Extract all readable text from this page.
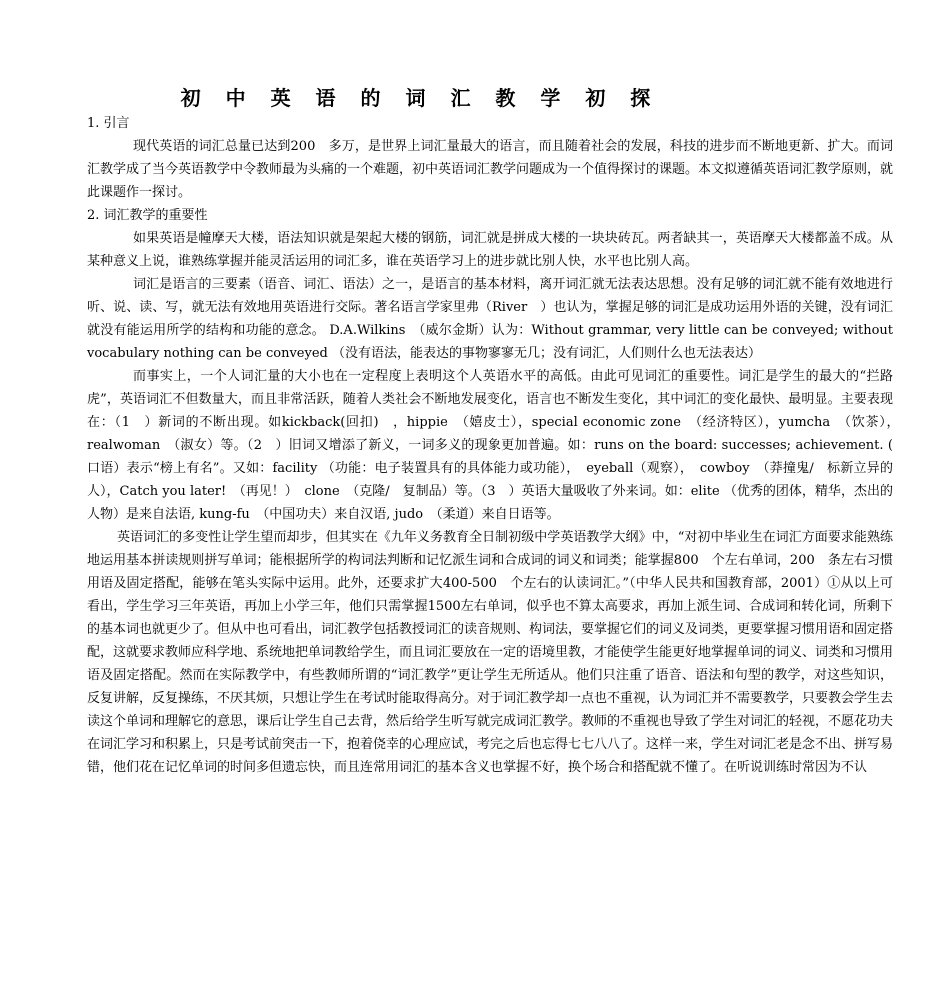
初 中 英 语 的 词 汇 教 学 初 探

1. 引言

现代英语的词汇总量已达到200　多万，是世界上词汇量最大的语言，而且随着社会的发展，科技的进步而不断地更新、扩大。而词汇教学成了当今英语教学中令教师最为头痛的一个难题，初中英语词汇教学问题成为一个值得探讨的课题。本文拟遵循英语词汇教学原则，就此课题作一探讨。

2. 词汇教学的重要性

如果英语是幢摩天大楼，语法知识就是架起大楼的钢筋，词汇就是拼成大楼的一块块砖瓦。两者缺其一，英语摩天大楼都盖不成。从某种意义上说，谁熟练掌握并能灵活运用的词汇多，谁在英语学习上的进步就比别人快，水平也比别人高。

词汇是语言的三要素（语音、词汇、语法）之一，是语言的基本材料，离开词汇就无法表达思想。没有足够的词汇就不能有效地进行听、说、读、写，就无法有效地用英语进行交际。著名语言学家里弗（River　）也认为，掌握足够的词汇是成功运用外语的关键，没有词汇就没有能运用所学的结构和功能的意念。 D.A.Wilkins　（威尔金斯）认为：Without grammar, very little can be conveyed; without vocabulary nothing can be conveyed （没有语法，能表达的事物寥寥无几；没有词汇，人们则什么也无法表达）

而事实上，一个人词汇量的大小也在一定程度上表明这个人英语水平的高低。由此可见词汇的重要性。词汇是学生的最大的“拦路虎”，英语词汇不但数量大，而且非常活跃，随着人类社会不断地发展变化，语言也不断发生变化，其中词汇的变化最快、最明显。主要表现在：（1　）新词的不断出现。如kickback(回扣)　，hippie　（嬉皮士），special economic zone　（经济特区），yumcha　（饮茶），　realwoman　（淑女）等。（2　）旧词又增添了新义，一词多义的现象更加普遍。如：runs on the board: successes; achievement. ( 口语）表示“榜上有名”。又如：facility （功能：电子装置具有的具体能力或功能），　eyeball（观察），　cowboy　（莽撞鬼/　标新立异的人），Catch you later!　（再见！）　clone　（克隆/　复制品）等。（3　）英语大量吸收了外来词。如：elite （优秀的团体，精华，杰出的人物）是来自法语, kung-fu　（中国功夫）来自汉语, judo　（柔道）来自日语等。

英语词汇的多变性让学生望而却步，但其实在《九年义务教育全日制初级中学英语教学大纲》中，“对初中毕业生在词汇方面要求能熟练地运用基本拼读规则拼写单词；能根据所学的构词法判断和记忆派生词和合成词的词义和词类；能掌握800　个左右单词，200　条左右习惯用语及固定搭配，能够在笔头实际中运用。此外，还要求扩大400-500　个左右的认读词汇。”（中华人民共和国教育部，2001）①从以上可看出，学生学习三年英语，再加上小学三年，他们只需掌握1500左右单词，似乎也不算太高要求，再加上派生词、合成词和转化词，所剩下的基本词也就更少了。但从中也可看出，词汇教学包括教授词汇的读音规则、构词法，要掌握它们的词义及词类，更要掌握习惯用语和固定搭配，这就要求教师应科学地、系统地把单词教给学生，而且词汇要放在一定的语境里教，才能使学生能更好地掌握单词的词义、词类和习惯用语及固定搭配。然而在实际教学中，有些教师所谓的“词汇教学”更让学生无所适从。他们只注重了语音、语法和句型的教学，对这些知识，反复讲解，反复操练，不厌其烦，只想让学生在考试时能取得高分。对于词汇教学却一点也不重视，认为词汇并不需要教学，只要教会学生去读这个单词和理解它的意思，课后让学生自己去背，然后给学生听写就完成词汇教学。教师的不重视也导致了学生对词汇的轻视，不愿花功夫在词汇学习和积累上，只是考试前突击一下，抱着侥幸的心理应试，考完之后也忘得七七八八了。这样一来，学生对词汇老是念不出、拼写易错，他们花在记忆单词的时间多但遗忘快，而且连常用词汇的基本含义也掌握不好，换个场合和搭配就不懂了。在听说训练时常因为不认
